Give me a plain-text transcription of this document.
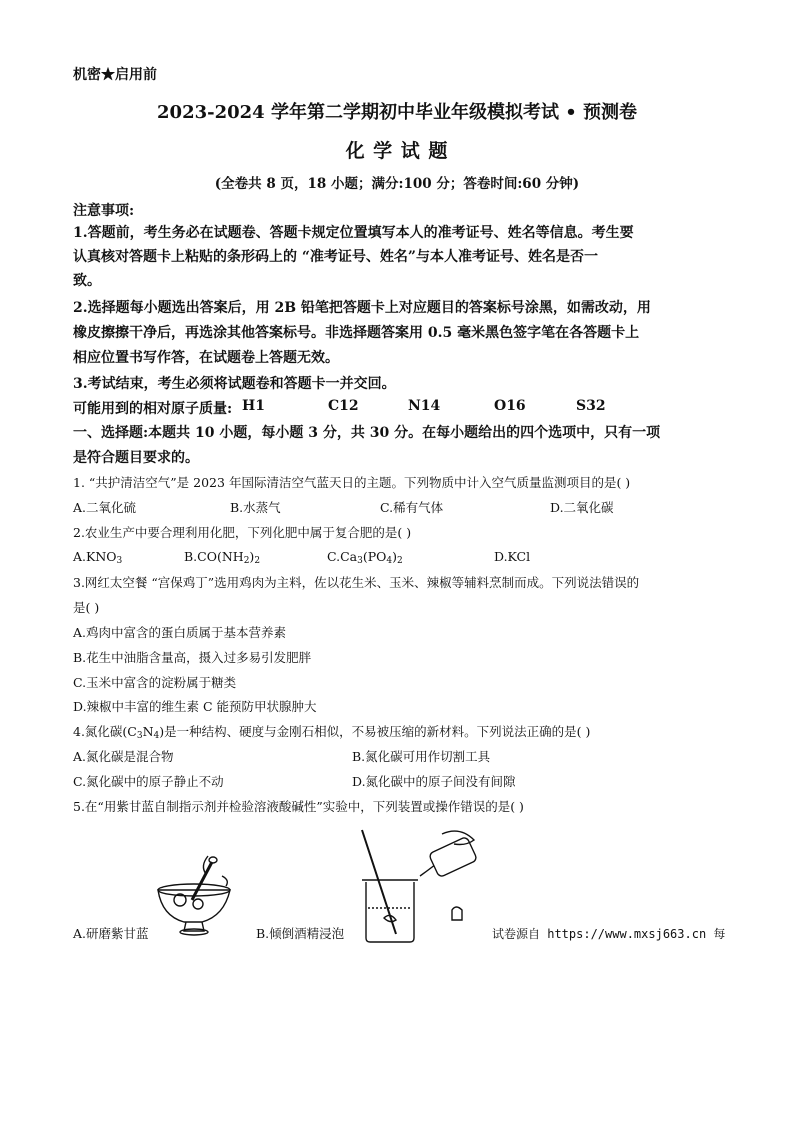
机密★启用前
2023-2024 学年第二学期初中毕业年级模拟考试 • 预测卷
化 学 试 题
(全卷共 8 页，18 小题；满分:100 分；答卷时间:60 分钟)
注意事项:
1.答题前，考生务必在试题卷、答题卡规定位置填写本人的准考证号、姓名等信息。考生要
认真核对答题卡上粘贴的条形码上的 “准考证号、姓名”与本人准考证号、姓名是否一
致。
2.选择题每小题选出答案后，用 2B 铅笔把答题卡上对应题目的答案标号涂黑，如需改动，用
橡皮擦擦干净后，再选涂其他答案标号。非选择题答案用 0.5 毫米黑色签字笔在各答题卡上
相应位置书写作答，在试题卷上答题无效。
3.考试结束，考生必须将试题卷和答题卡一并交回。
可能用到的相对原子质量: H1	C12	N14	O16	S32
一、选择题:本题共 10 小题，每小题 3 分，共 30 分。在每小题给出的四个选项中，只有一项
是符合题目要求的。
1. “共护清洁空气”是 2023 年国际清洁空气蓝天日的主题。下列物质中计入空气质量监测项目的是( )
A.二氧化硫	B.水蒸气	C.稀有气体	D.二氧化碳
2.农业生产中要合理利用化肥，下列化肥中属于复合肥的是( )
$A.KNO_3$	$B.CO(NH_2)_2$	$C.Ca_3(PO_4)_2$	D.KCl
3.网红太空餐 “宫保鸡丁”选用鸡肉为主料，佐以花生米、玉米、辣椒等辅料烹制而成。下列说法错误的
是( )
A.鸡肉中富含的蛋白质属于基本营养素
B.花生中油脂含量高，摄入过多易引发肥胖
C.玉米中富含的淀粉属于糖类
D.辣椒中丰富的维生素 C 能预防甲状腺肿大
4.氮化碳$(C_3N_4)$是一种结构、硬度与金刚石相似，不易被压缩的新材料。下列说法正确的是( )
A.氮化碳是混合物	B.氮化碳可用作切割工具
C.氮化碳中的原子静止不动	D.氮化碳中的原子间没有间隙
5.在“用紫甘蓝自制指示剂并检验溶液酸碱性”实验中，下列装置或操作错误的是( )
A.研磨紫甘蓝	B.倾倒酒精浸泡	试卷源自 https://www.mxsj663.cn 每
